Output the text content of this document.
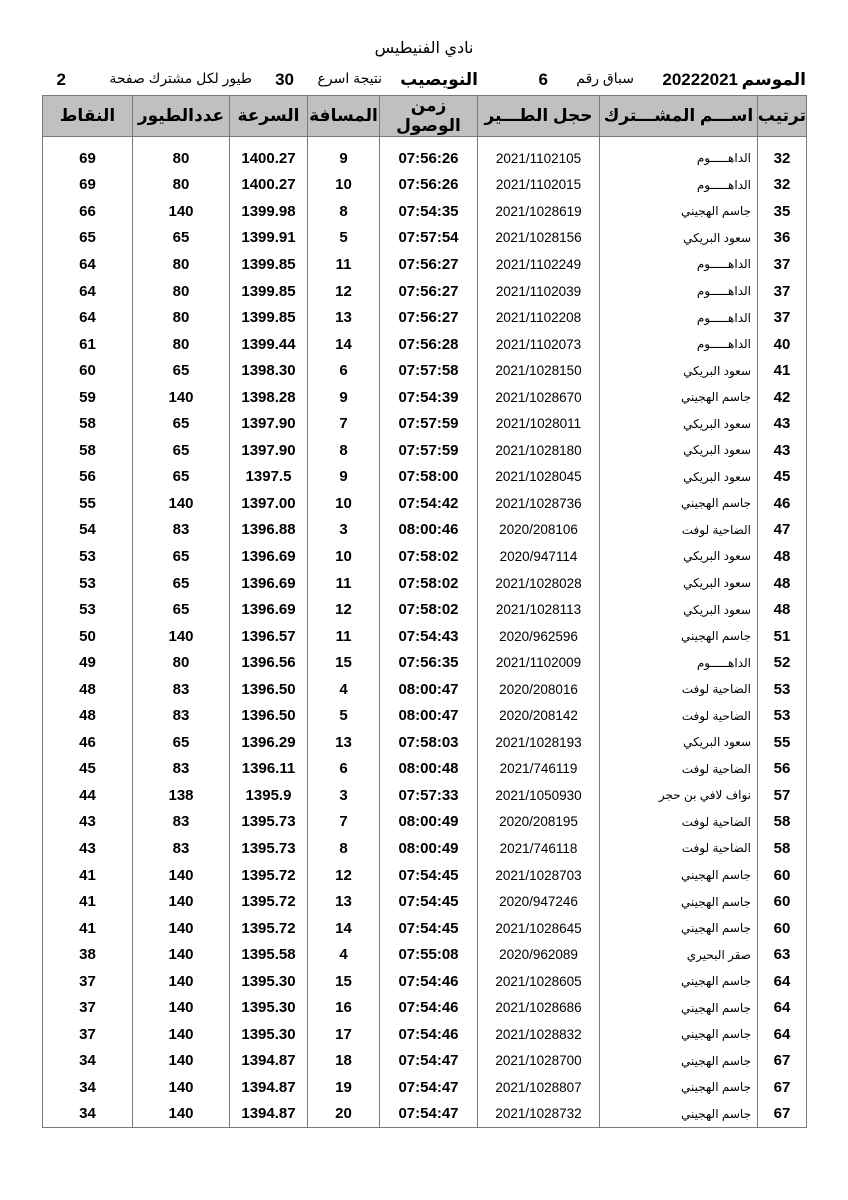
نادي الفنيطيس
الموسم
20222021
سباق رقم
6
النويصيب
نتيجة اسرع
30
طيور لكل مشترك صفحة
2
ترتيب	اســـم المشـــترك	حجل الطـــير	زمن الوصول	المسافة	السرعة	عددالطيور	النقاط

32	الداهـــــوم	2021/1102105	07:56:26	9	1400.27	80	69
32	الداهـــــوم	2021/1102015	07:56:26	10	1400.27	80	69
35	جاسم الهجيني	2021/1028619	07:54:35	8	1399.98	140	66
36	سعود البريكي	2021/1028156	07:57:54	5	1399.91	65	65
37	الداهـــــوم	2021/1102249	07:56:27	11	1399.85	80	64
37	الداهـــــوم	2021/1102039	07:56:27	12	1399.85	80	64
37	الداهـــــوم	2021/1102208	07:56:27	13	1399.85	80	64
40	الداهـــــوم	2021/1102073	07:56:28	14	1399.44	80	61
41	سعود البريكي	2021/1028150	07:57:58	6	1398.30	65	60
42	جاسم الهجيني	2021/1028670	07:54:39	9	1398.28	140	59
43	سعود البريكي	2021/1028011	07:57:59	7	1397.90	65	58
43	سعود البريكي	2021/1028180	07:57:59	8	1397.90	65	58
45	سعود البريكي	2021/1028045	07:58:00	9	1397.5	65	56
46	جاسم الهجيني	2021/1028736	07:54:42	10	1397.00	140	55
47	الضاحية لوفت	2020/208106	08:00:46	3	1396.88	83	54
48	سعود البريكي	2020/947114	07:58:02	10	1396.69	65	53
48	سعود البريكي	2021/1028028	07:58:02	11	1396.69	65	53
48	سعود البريكي	2021/1028113	07:58:02	12	1396.69	65	53
51	جاسم الهجيني	2020/962596	07:54:43	11	1396.57	140	50
52	الداهـــــوم	2021/1102009	07:56:35	15	1396.56	80	49
53	الضاحية لوفت	2020/208016	08:00:47	4	1396.50	83	48
53	الضاحية لوفت	2020/208142	08:00:47	5	1396.50	83	48
55	سعود البريكي	2021/1028193	07:58:03	13	1396.29	65	46
56	الضاحية لوفت	2021/746119	08:00:48	6	1396.11	83	45
57	نواف لافي بن حجر	2021/1050930	07:57:33	3	1395.9	138	44
58	الضاحية لوفت	2020/208195	08:00:49	7	1395.73	83	43
58	الضاحية لوفت	2021/746118	08:00:49	8	1395.73	83	43
60	جاسم الهجيني	2021/1028703	07:54:45	12	1395.72	140	41
60	جاسم الهجيني	2020/947246	07:54:45	13	1395.72	140	41
60	جاسم الهجيني	2021/1028645	07:54:45	14	1395.72	140	41
63	صقر البحيري	2020/962089	07:55:08	4	1395.58	140	38
64	جاسم الهجيني	2021/1028605	07:54:46	15	1395.30	140	37
64	جاسم الهجيني	2021/1028686	07:54:46	16	1395.30	140	37
64	جاسم الهجيني	2021/1028832	07:54:46	17	1395.30	140	37
67	جاسم الهجيني	2021/1028700	07:54:47	18	1394.87	140	34
67	جاسم الهجيني	2021/1028807	07:54:47	19	1394.87	140	34
67	جاسم الهجيني	2021/1028732	07:54:47	20	1394.87	140	34
